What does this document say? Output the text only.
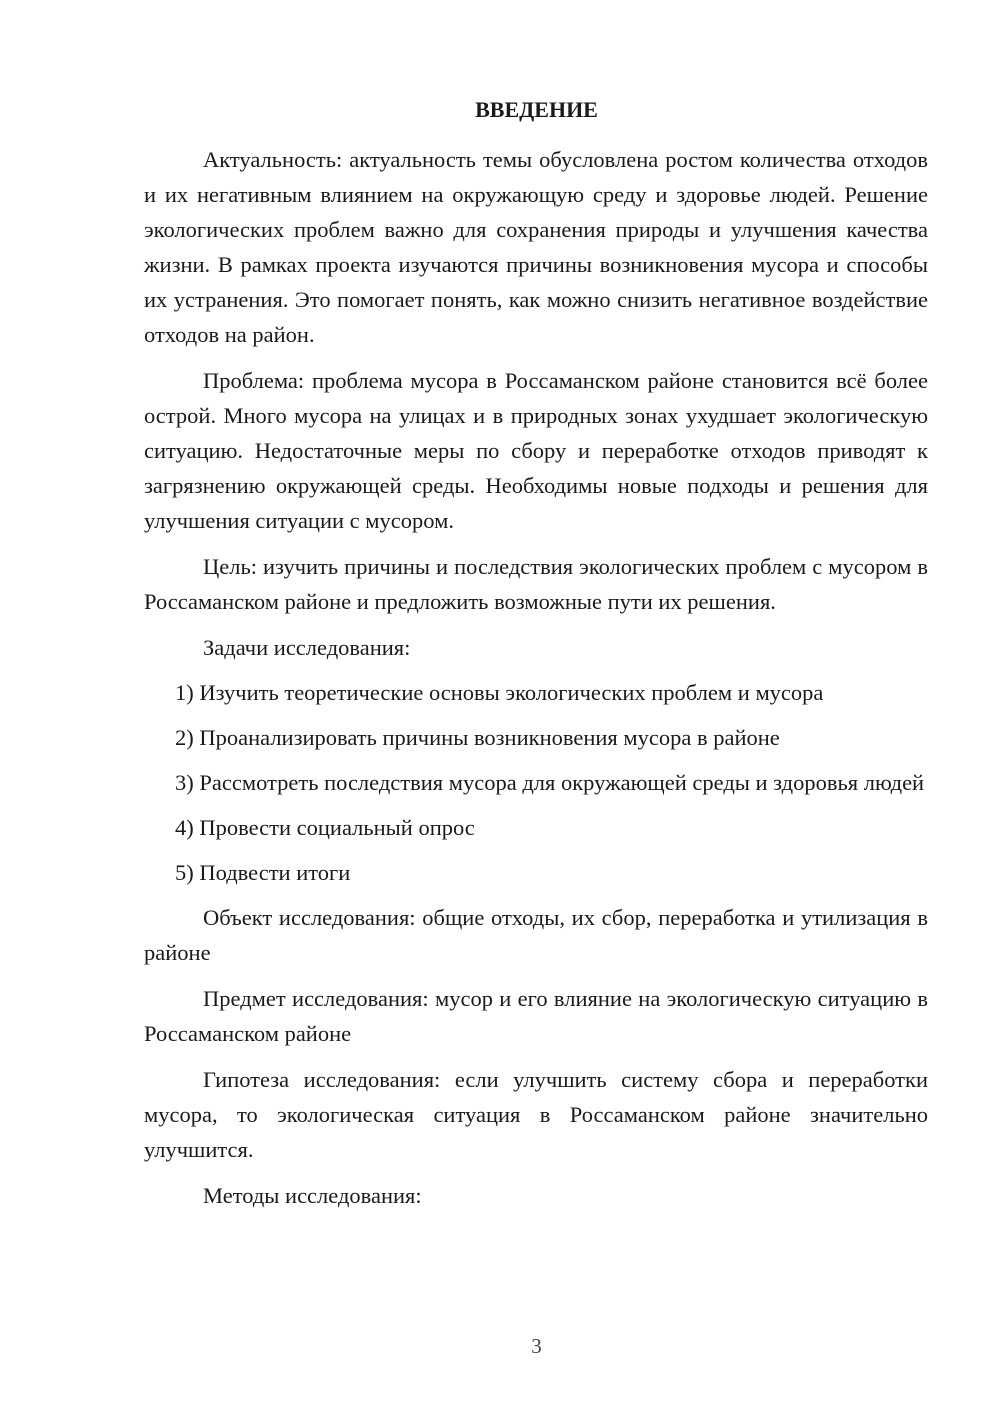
ВВЕДЕНИЕ

Актуальность: актуальность темы обусловлена ростом количества отходов и их негативным влиянием на окружающую среду и здоровье людей. Решение экологических проблем важно для сохранения природы и улучшения качества жизни. В рамках проекта изучаются причины возникновения мусора и способы их устранения. Это помогает понять, как можно снизить негативное воздействие отходов на район.

Проблема: проблема мусора в Россаманском районе становится всё более острой. Много мусора на улицах и в природных зонах ухудшает экологическую ситуацию. Недостаточные меры по сбору и переработке отходов приводят к загрязнению окружающей среды. Необходимы новые подходы и решения для улучшения ситуации с мусором.

Цель: изучить причины и последствия экологических проблем с мусором в Россаманском районе и предложить возможные пути их решения.

Задачи исследования:

1) Изучить теоретические основы экологических проблем и мусора

2) Проанализировать причины возникновения мусора в районе

3) Рассмотреть последствия мусора для окружающей среды и здоровья людей

4) Провести социальный опрос

5) Подвести итоги

Объект исследования: общие отходы, их сбор, переработка и утилизация в районе

Предмет исследования: мусор и его влияние на экологическую ситуацию в Россаманском районе

Гипотеза исследования: если улучшить систему сбора и переработки мусора, то экологическая ситуация в Россаманском районе значительно улучшится.

Методы исследования:

3
